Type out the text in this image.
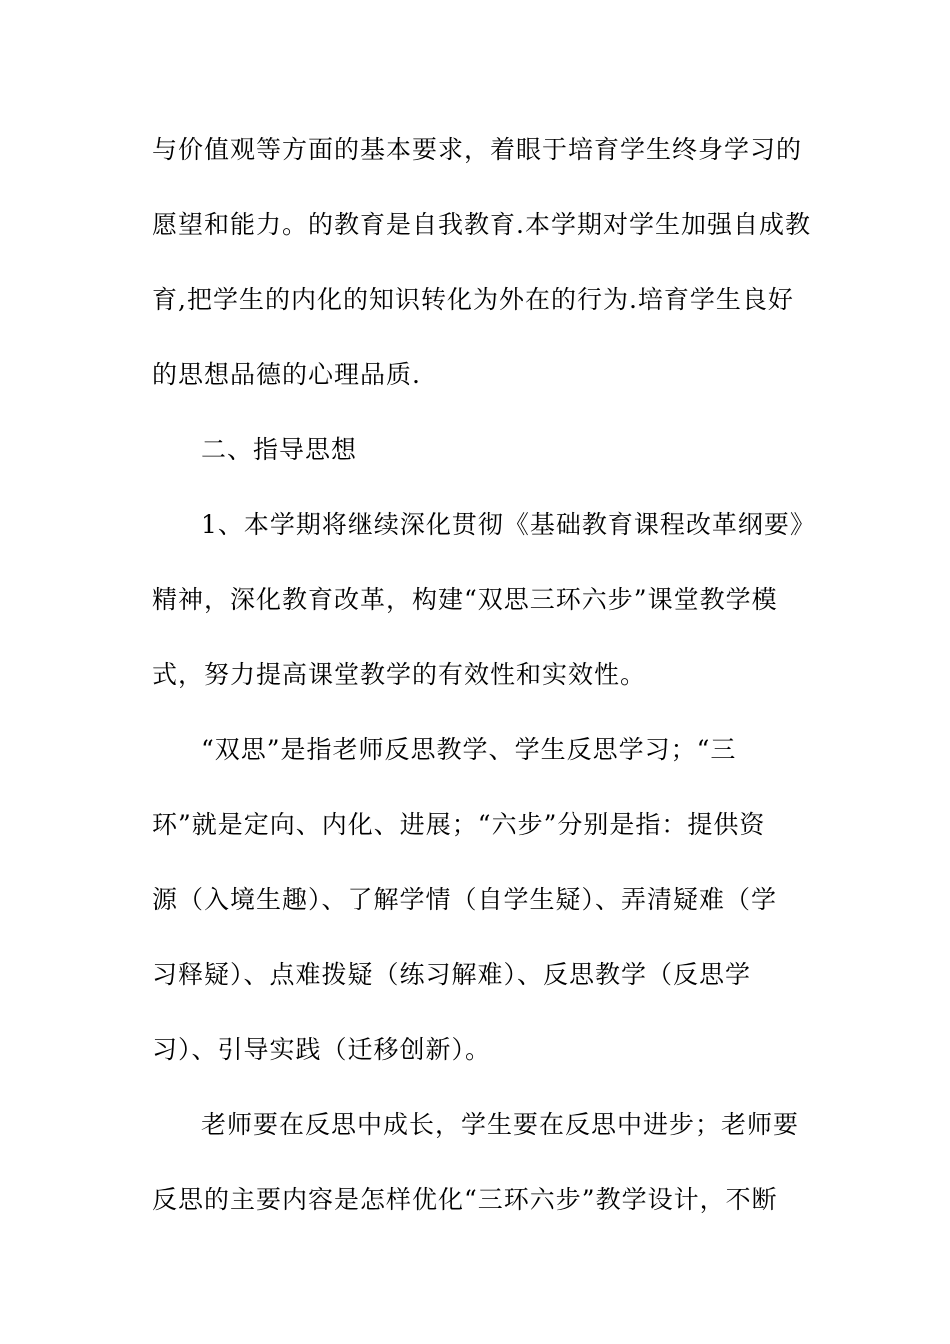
与价值观等方面的基本要求，着眼于培育学生终身学习的
愿望和能力。的教育是自我教育.本学期对学生加强自成教
育,把学生的内化的知识转化为外在的行为.培育学生良好
的思想品德的心理品质.
二、指导思想
1、本学期将继续深化贯彻《基础教育课程改革纲要》
精神，深化教育改革，构建“双思三环六步”课堂教学模
式，努力提高课堂教学的有效性和实效性。
“双思”是指老师反思教学、学生反思学习；“三
环”就是定向、内化、进展；“六步”分别是指：提供资
源（入境生趣）、了解学情（自学生疑）、弄清疑难（学
习释疑）、点难拨疑（练习解难）、反思教学（反思学
习）、引导实践（迁移创新）。
老师要在反思中成长，学生要在反思中进步；老师要
反思的主要内容是怎样优化“三环六步”教学设计，不断
